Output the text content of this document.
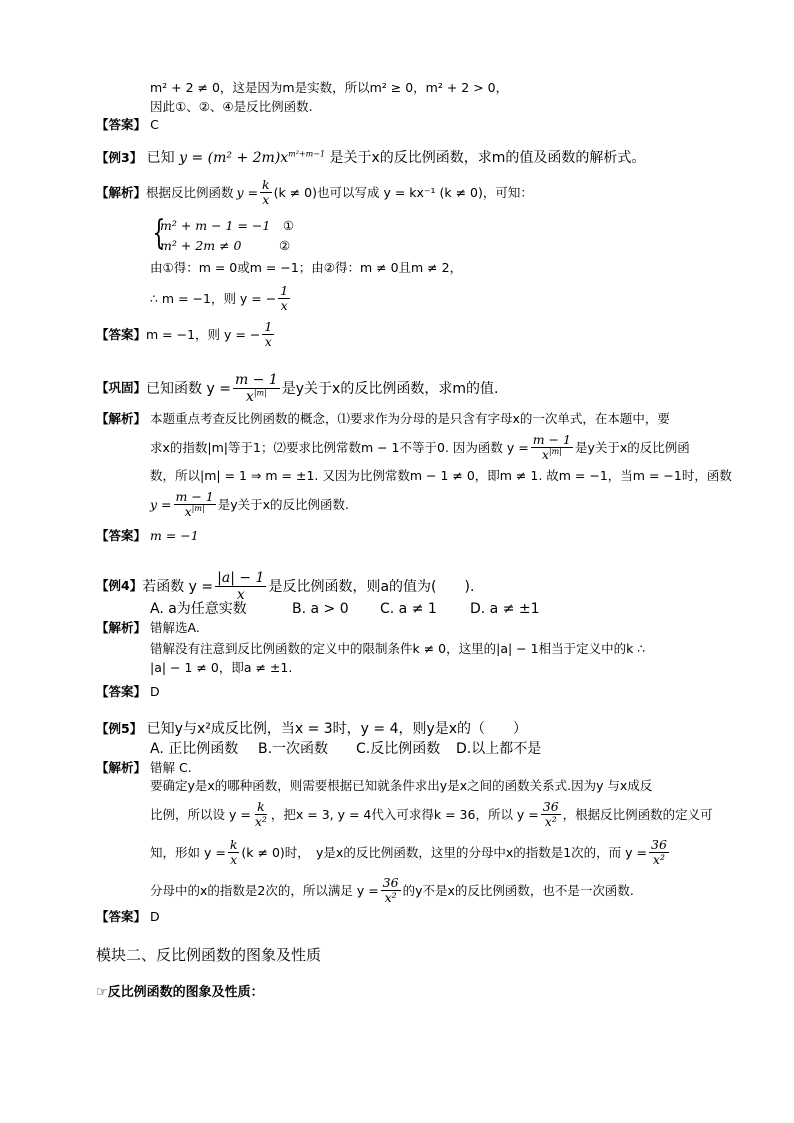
m² + 2 ≠ 0，这是因为m是实数，所以m² ≥ 0，m² + 2 > 0，
因此①、②、④是反比例函数.
【答案】 C
【例3】 已知 $y = (m^2 + 2m)x^{m^2+m-1}$ 是关于x的反比例函数，求m的值及函数的解析式。
【解析】 根据反比例函数 $y = \frac{k}{x} (k \ne 0)$也可以写成 y = kx⁻¹ (k ≠ 0)，可知：
{
m² + m − 1 = −1　 ①
m² + 2m ≠ 0　　　	②
由①得：m = 0或m = −1；由②得：m ≠ 0且m ≠ 2，
∴ m = −1，则 y = − $\frac{1}{x}$
【答案】 m = −1，则 y = − $\frac{1}{x}$
【巩固】 已知函数 $y = \frac{m - 1}{x^{|m|}}$ 是y关于x的反比例函数，求m的值.
【解析】 本题重点考查反比例函数的概念，⑴要求作为分母的是只含有字母x的一次单式，在本题中，要
求x的指数|m|等于1；⑵要求比例常数m − 1不等于0. 因为函数 $y = \frac{m - 1}{x^{|m|}}$ 是y关于x的反比例函
数，所以|m| = 1 ⇒ m = ±1. 又因为比例常数m − 1 ≠ 0，即m ≠ 1. 故m = −1，当m = −1时，函数
$y = \frac{m - 1}{x^{|m|}}$ 是y关于x的反比例函数.
【答案】 m = −1
【例4】 若函数 $y = \frac{|a| - 1}{x}$ 是反比例函数，则a的值为(　　).
A. a为任意实数	B. a > 0 C. a ≠ 1 D. a ≠ ±1
【解析】 错解选A.
错解没有注意到反比例函数的定义中的限制条件k ≠ 0，这里的|a| − 1相当于定义中的k ∴
|a| − 1 ≠ 0，即a ≠ ±1.
【答案】 D
【例5】 已知y与x²成反比例，当x = 3时，y = 4，则y是x的（　　）
A. 正比例函数 B.一次函数 C.反比例函数 D.以上都不是
【解析】 错解 C.
要确定y是x的哪种函数，则需要根据已知就条件求出y是x之间的函数关系式.因为y 与x成反
比例，所以设 $y = \frac{k}{\text{x²}}$ ，把x = 3, y = 4代入可求得k = 36，所以 $y = \frac{36}{\text{x²}}$ ，根据反比例函数的定义可
知，形如 $y = \frac{k}{x} (k \ne 0)$时，　y是x的反比例函数，这里的分母中x的指数是1次的，而 $y = \frac{36}{\text{x²}}$
分母中的x的指数是2次的，所以满足 $y = \frac{36}{\text{x²}}$ 的y不是x的反比例函数，也不是一次函数.
【答案】 D
模块二、反比例函数的图象及性质
☞反比例函数的图象及性质：
